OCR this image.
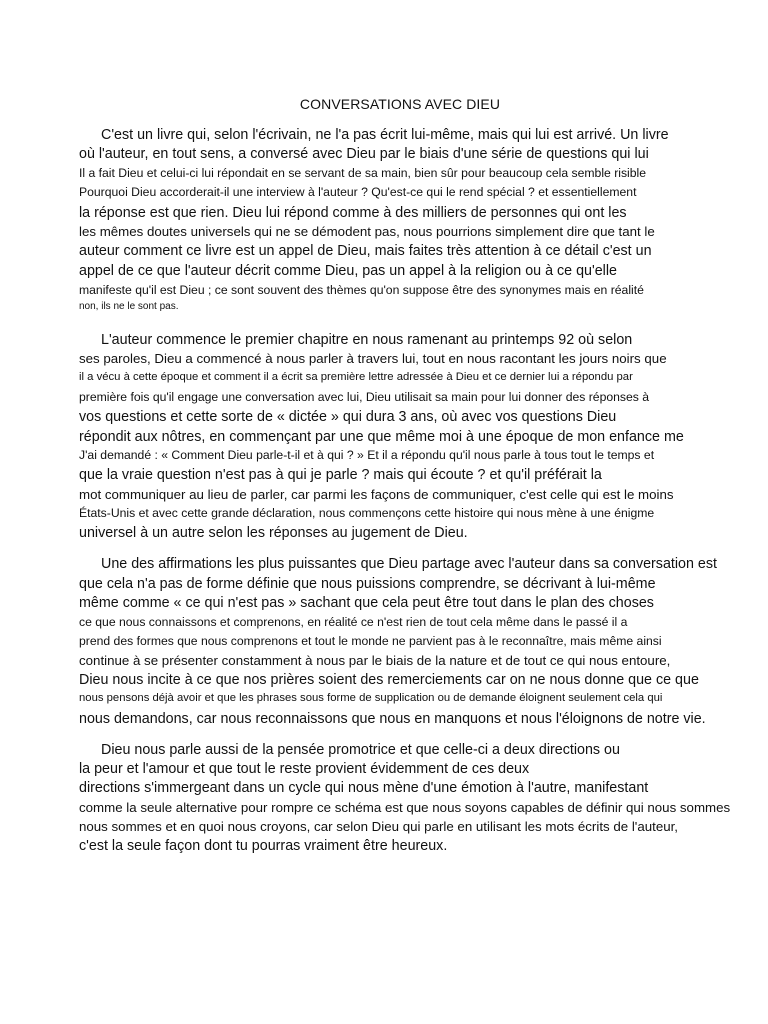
CONVERSATIONS AVEC DIEU
C'est un livre qui, selon l'écrivain, ne l'a pas écrit lui-même, mais qui lui est arrivé. Un livre
où l'auteur, en tout sens, a conversé avec Dieu par le biais d'une série de questions qui lui
Il a fait Dieu et celui-ci lui répondait en se servant de sa main, bien sûr pour beaucoup cela semble risible
Pourquoi Dieu accorderait-il une interview à l'auteur ? Qu'est-ce qui le rend spécial ? et essentiellement
la réponse est que rien. Dieu lui répond comme à des milliers de personnes qui ont les
les mêmes doutes universels qui ne se démodent pas, nous pourrions simplement dire que tant le
auteur comment ce livre est un appel de Dieu, mais faites très attention à ce détail c'est un
appel de ce que l'auteur décrit comme Dieu, pas un appel à la religion ou à ce qu'elle
manifeste qu'il est Dieu ; ce sont souvent des thèmes qu'on suppose être des synonymes mais en réalité
non, ils ne le sont pas.
L'auteur commence le premier chapitre en nous ramenant au printemps 92 où selon
ses paroles, Dieu a commencé à nous parler à travers lui, tout en nous racontant les jours noirs que
il a vécu à cette époque et comment il a écrit sa première lettre adressée à Dieu et ce dernier lui a répondu par
première fois qu'il engage une conversation avec lui, Dieu utilisait sa main pour lui donner des réponses à
vos questions et cette sorte de « dictée » qui dura 3 ans, où avec vos questions Dieu
répondit aux nôtres, en commençant par une que même moi à une époque de mon enfance me
J'ai demandé : « Comment Dieu parle-t-il et à qui ? » Et il a répondu qu'il nous parle à tous tout le temps et
que la vraie question n'est pas à qui je parle ? mais qui écoute ? et qu'il préférait la
mot communiquer au lieu de parler, car parmi les façons de communiquer, c'est celle qui est le moins
États-Unis et avec cette grande déclaration, nous commençons cette histoire qui nous mène à une énigme
universel à un autre selon les réponses au jugement de Dieu.
Une des affirmations les plus puissantes que Dieu partage avec l'auteur dans sa conversation est
que cela n'a pas de forme définie que nous puissions comprendre, se décrivant à lui-même
même comme « ce qui n'est pas » sachant que cela peut être tout dans le plan des choses
ce que nous connaissons et comprenons, en réalité ce n'est rien de tout cela même dans le passé il a
prend des formes que nous comprenons et tout le monde ne parvient pas à le reconnaître, mais même ainsi
continue à se présenter constamment à nous par le biais de la nature et de tout ce qui nous entoure,
Dieu nous incite à ce que nos prières soient des remerciements car on ne nous donne que ce que
nous pensons déjà avoir et que les phrases sous forme de supplication ou de demande éloignent seulement cela qui
nous demandons, car nous reconnaissons que nous en manquons et nous l'éloignons de notre vie.
Dieu nous parle aussi de la pensée promotrice et que celle-ci a deux directions ou
la peur et l'amour et que tout le reste provient évidemment de ces deux
directions s'immergeant dans un cycle qui nous mène d'une émotion à l'autre, manifestant
comme la seule alternative pour rompre ce schéma est que nous soyons capables de définir qui nous sommes
nous sommes et en quoi nous croyons, car selon Dieu qui parle en utilisant les mots écrits de l'auteur,
c'est la seule façon dont tu pourras vraiment être heureux.
